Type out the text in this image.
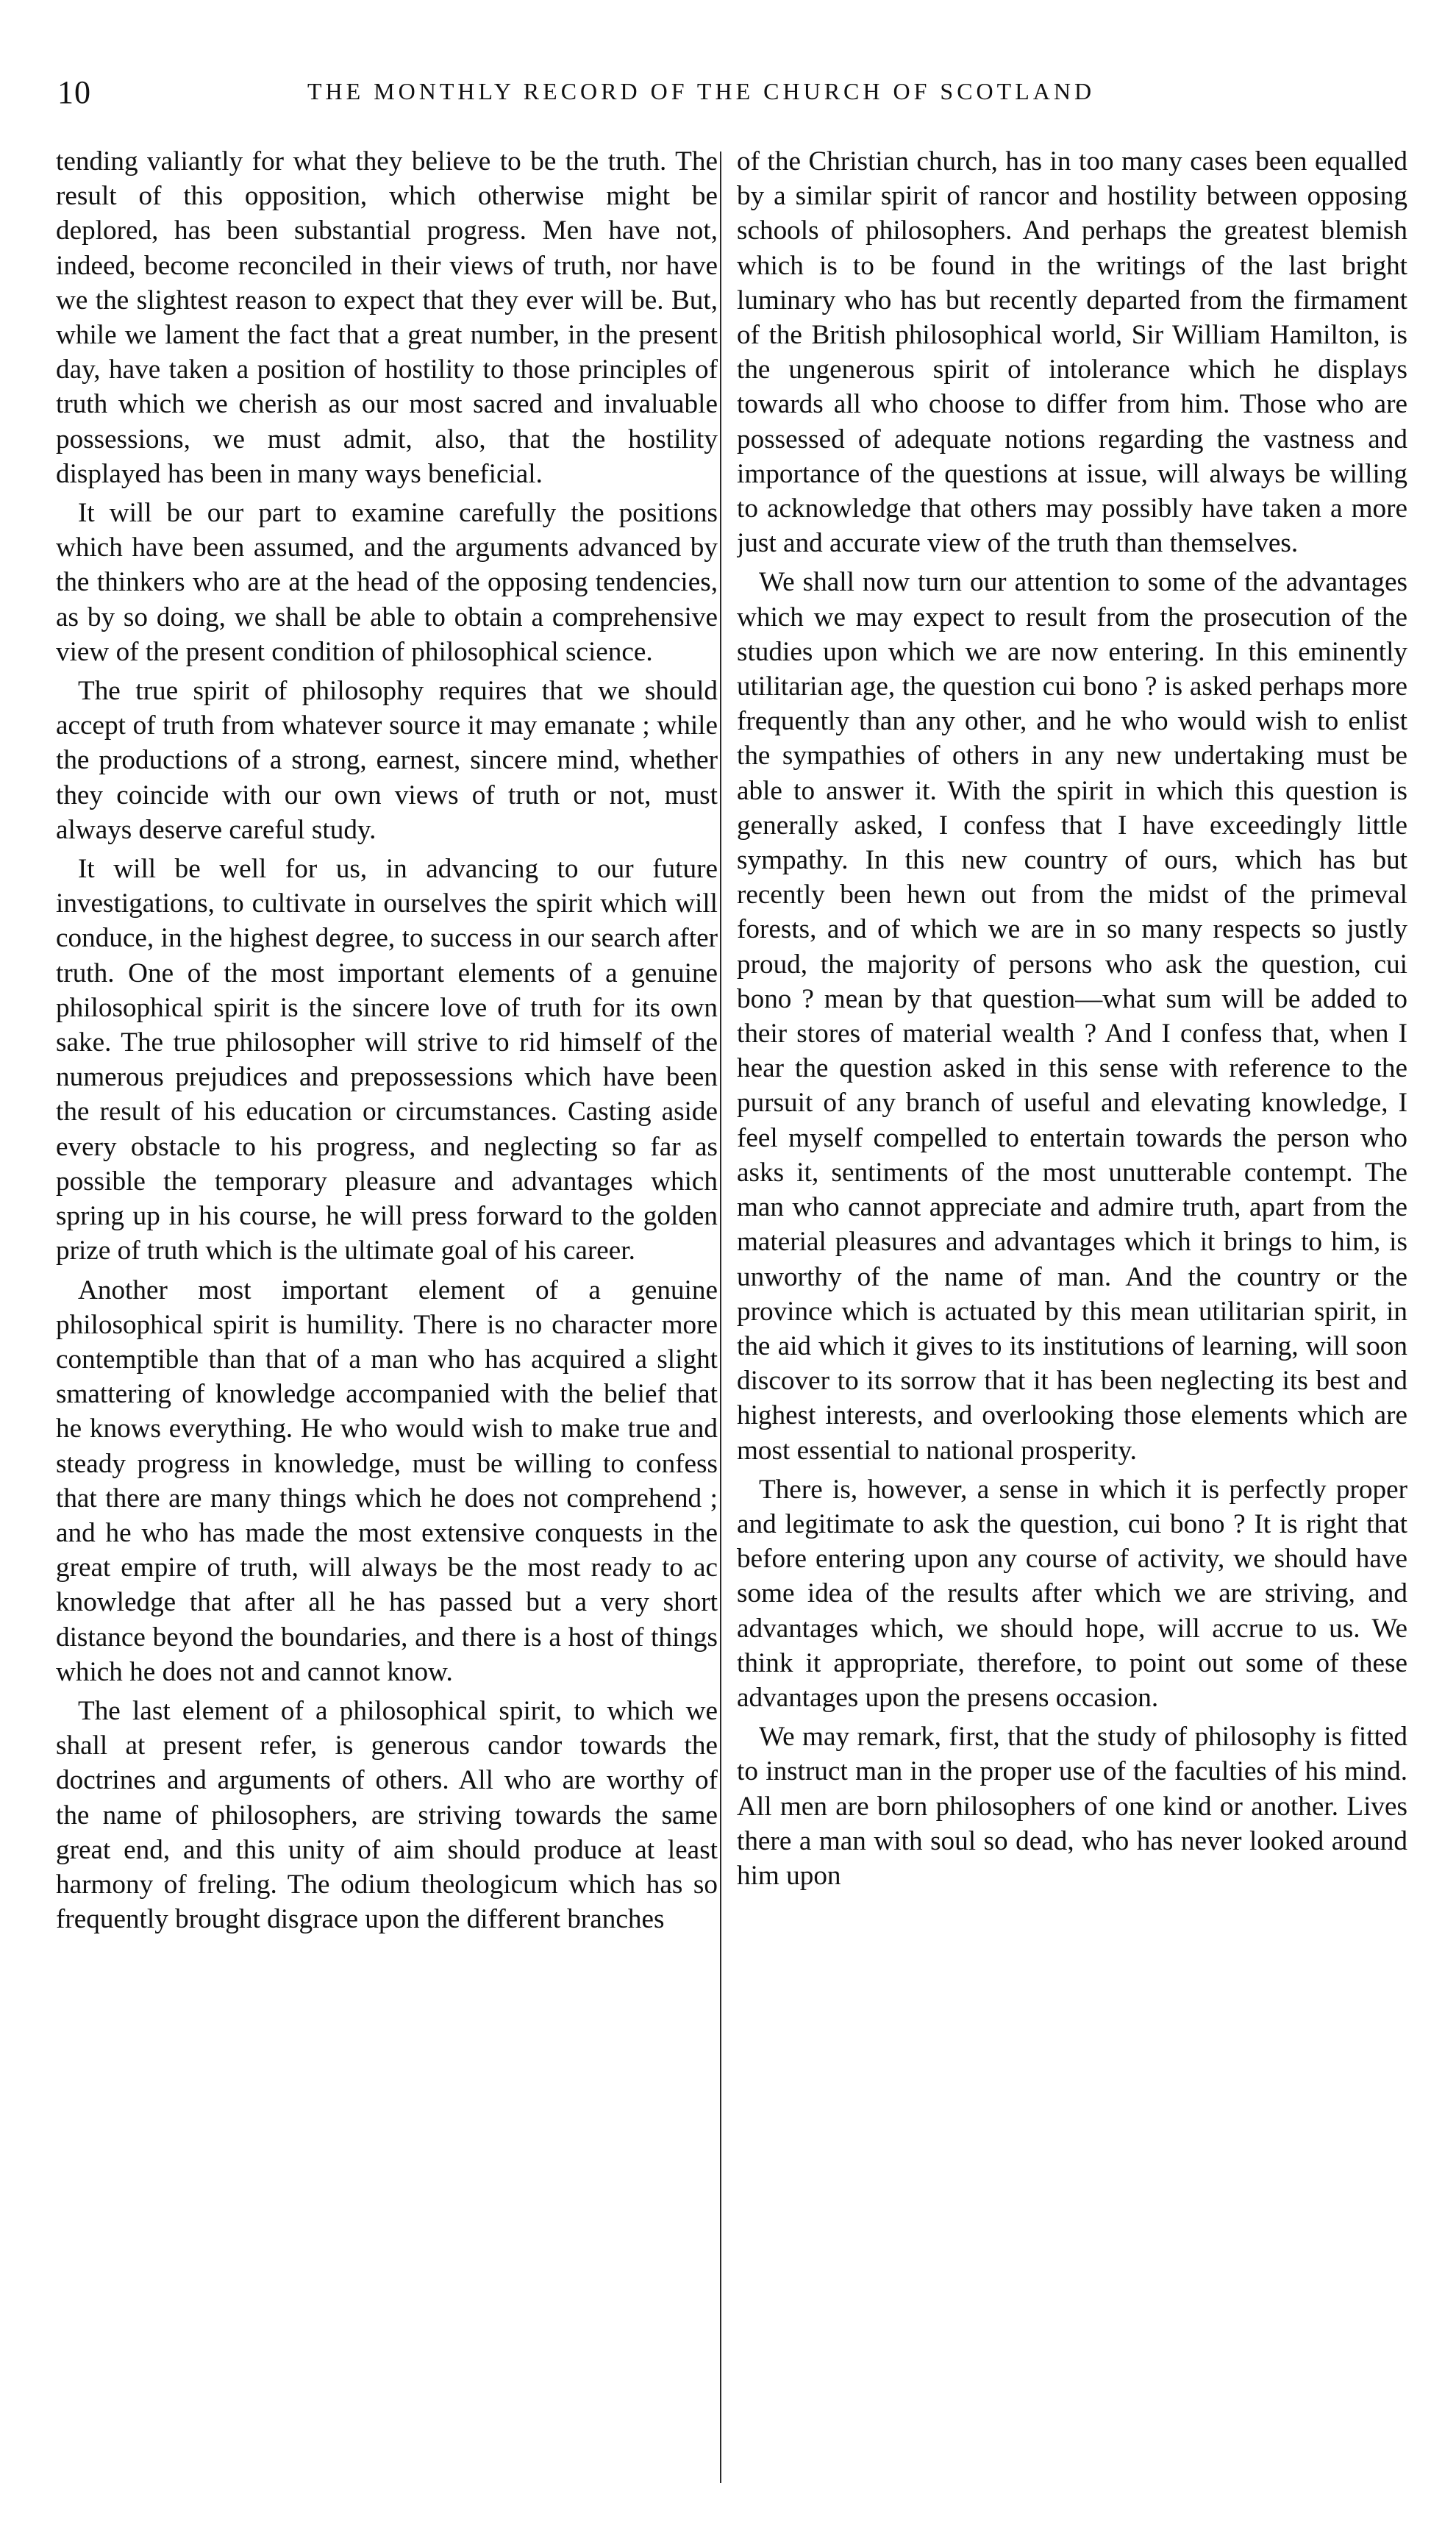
10	THE MONTHLY RECORD OF THE CHURCH OF SCOTLAND

tending valiantly for what they believe to be the truth. The result of this opposition, which otherwise might be deplored, has been substantial progress. Men have not, indeed, become reconciled in their views of truth, nor have we the slightest reason to expect that they ever will be. But, while we lament the fact that a great number, in the present day, have taken a position of hostility to those principles of truth which we cherish as our most sacred and invaluable possessions, we must admit, also, that the hostility displayed has been in many ways beneficial.

It will be our part to examine carefully the positions which have been assumed, and the arguments advanced by the thinkers who are at the head of the opposing tendencies, as by so doing, we shall be able to obtain a comprehensive view of the present condition of philosophical science.

The true spirit of philosophy requires that we should accept of truth from whatever source it may emanate ; while the productions of a strong, earnest, sincere mind, whether they coincide with our own views of truth or not, must always deserve careful study.

It will be well for us, in advancing to our future investigations, to cultivate in ourselves the spirit which will conduce, in the highest degree, to success in our search after truth. One of the most important elements of a genuine philosophical spirit is the sincere love of truth for its own sake. The true philosopher will strive to rid himself of the numerous prejudices and prepossessions which have been the result of his education or circumstances. Casting aside every obstacle to his progress, and neglecting so far as possible the temporary pleasure and advantages which spring up in his course, he will press forward to the golden prize of truth which is the ultimate goal of his career.

Another most important element of a genuine philosophical spirit is humility. There is no character more contemptible than that of a man who has acquired a slight smattering of knowledge accompanied with the belief that he knows everything. He who would wish to make true and steady progress in knowledge, must be willing to confess that there are many things which he does not comprehend ; and he who has made the most extensive conquests in the great empire of truth, will always be the most ready to ac knowledge that after all he has passed but a very short distance beyond the boundaries, and there is a host of things which he does not and cannot know.

The last element of a philosophical spirit, to which we shall at present refer, is generous candor towards the doctrines and arguments of others. All who are worthy of the name of philosophers, are striving towards the same great end, and this unity of aim should produce at least harmony of freling. The odium theologicum which has so frequently brought disgrace upon the different branches

of the Christian church, has in too many cases been equalled by a similar spirit of rancor and hostility between opposing schools of philosophers. And perhaps the greatest blemish which is to be found in the writings of the last bright luminary who has but recently departed from the firmament of the British philosophical world, Sir William Hamilton, is the ungenerous spirit of intolerance which he displays towards all who choose to differ from him. Those who are possessed of adequate notions regarding the vastness and importance of the questions at issue, will always be willing to acknowledge that others may possibly have taken a more just and accurate view of the truth than themselves.

We shall now turn our attention to some of the advantages which we may expect to result from the prosecution of the studies upon which we are now entering. In this eminently utilitarian age, the question cui bono ? is asked perhaps more frequently than any other, and he who would wish to enlist the sympathies of others in any new undertaking must be able to answer it. With the spirit in which this question is generally asked, I confess that I have exceedingly little sympathy. In this new country of ours, which has but recently been hewn out from the midst of the primeval forests, and of which we are in so many respects so justly proud, the majority of persons who ask the question, cui bono ? mean by that question—what sum will be added to their stores of material wealth ? And I confess that, when I hear the question asked in this sense with reference to the pursuit of any branch of useful and elevating knowledge, I feel myself compelled to entertain towards the person who asks it, sentiments of the most unutterable contempt. The man who cannot appreciate and admire truth, apart from the material pleasures and advantages which it brings to him, is unworthy of the name of man. And the country or the province which is actuated by this mean utilitarian spirit, in the aid which it gives to its institutions of learning, will soon discover to its sorrow that it has been neglecting its best and highest interests, and overlooking those elements which are most essential to national prosperity.

There is, however, a sense in which it is perfectly proper and legitimate to ask the question, cui bono ? It is right that before entering upon any course of activity, we should have some idea of the results after which we are striving, and advantages which, we should hope, will accrue to us. We think it appropriate, therefore, to point out some of these advantages upon the presens occasion.

We may remark, first, that the study of philosophy is fitted to instruct man in the proper use of the faculties of his mind. All men are born philosophers of one kind or another. Lives there a man with soul so dead, who has never looked around him upon
